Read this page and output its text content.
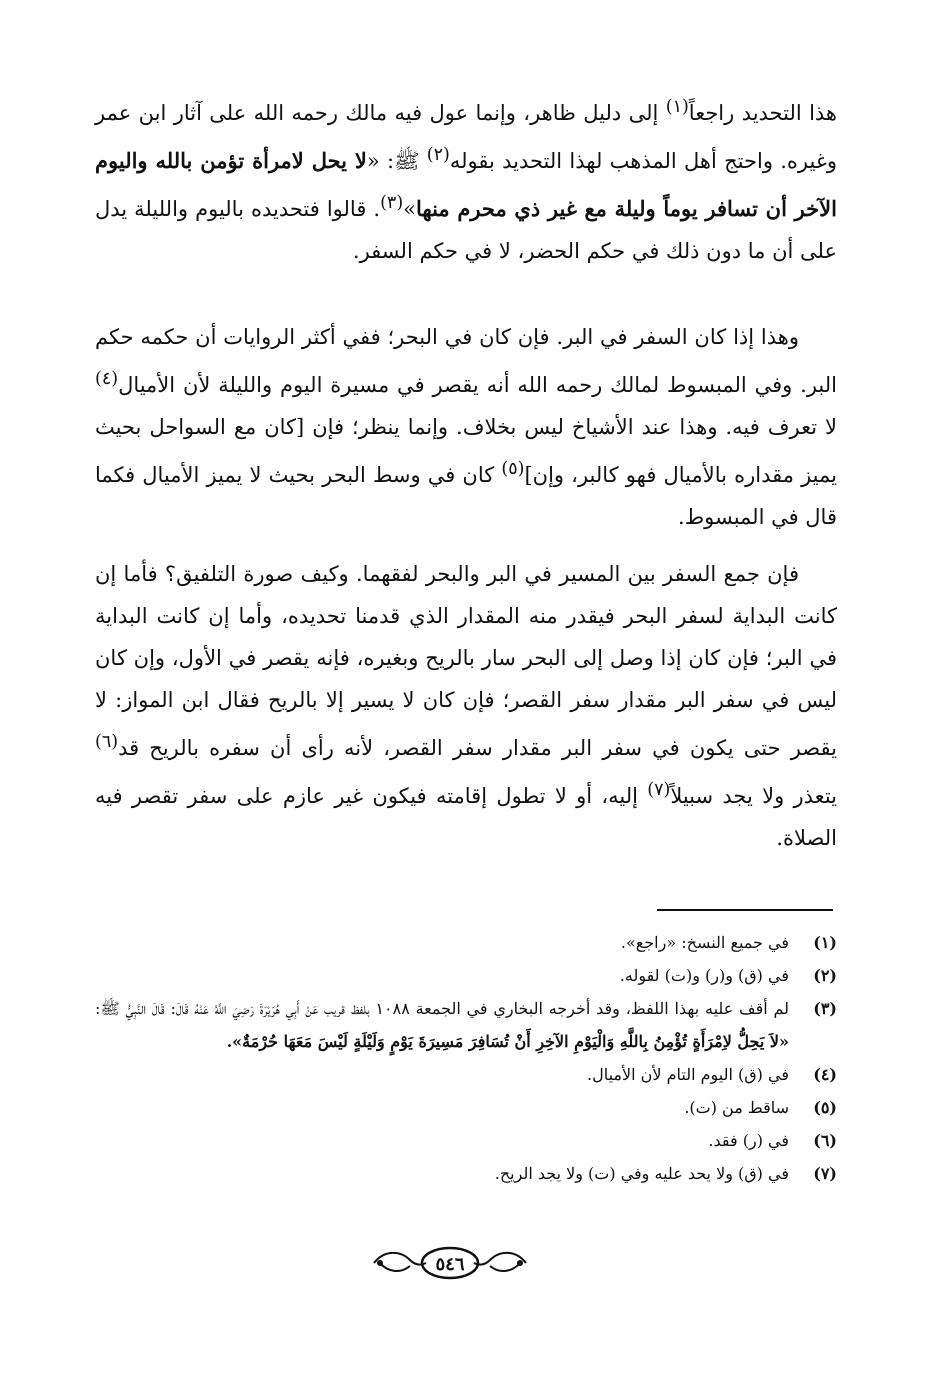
هذا التحديد راجعاً$^{(١)}$ إلى دليل ظاهر، وإنما عول فيه مالك رحمه الله على آثار ابن عمر وغيره. واحتج أهل المذهب لهذا التحديد بقوله$^{(٢)}$ ﷺ: «لا يحل لامرأة تؤمن بالله واليوم الآخر أن تسافر يوماً وليلة مع غير ذي محرم منها»$^{(٣)}$. قالوا فتحديده باليوم والليلة يدل على أن ما دون ذلك في حكم الحضر، لا في حكم السفر.

وهذا إذا كان السفر في البر. فإن كان في البحر؛ ففي أكثر الروايات أن حكمه حكم البر. وفي المبسوط لمالك رحمه الله أنه يقصر في مسيرة اليوم والليلة لأن الأميال$^{(٤)}$ لا تعرف فيه. وهذا عند الأشياخ ليس بخلاف. وإنما ينظر؛ فإن [كان مع السواحل بحيث يميز مقداره بالأميال فهو كالبر، وإن]$^{(٥)}$ كان في وسط البحر بحيث لا يميز الأميال فكما قال في المبسوط.

فإن جمع السفر بين المسير في البر والبحر لفقهما. وكيف صورة التلفيق؟ فأما إن كانت البداية لسفر البحر فيقدر منه المقدار الذي قدمنا تحديده، وأما إن كانت البداية في البر؛ فإن كان إذا وصل إلى البحر سار بالريح وبغيره، فإنه يقصر في الأول، وإن كان ليس في سفر البر مقدار سفر القصر؛ فإن كان لا يسير إلا بالريح فقال ابن المواز: لا يقصر حتى يكون في سفر البر مقدار سفر القصر، لأنه رأى أن سفره بالريح قد$^{(٦)}$ يتعذر ولا يجد سبيلاً$^{(٧)}$ إليه، أو لا تطول إقامته فيكون غير عازم على سفر تقصر فيه الصلاة.

(١)
في جميع النسخ: «راجع».
(٢)
في (ق) و(ر) و(ت) لقوله.
(٣)
لم أقف عليه بهذا اللفظ، وقد أخرجه البخاري في الجمعة ١٠٨٨ بلفظ قريب عَنْ أَبِي هُرَيْرَةَ رَضِيَ اللَّهُ عَنْهُ قَالَ: قَالَ النَّبِيُّ ﷺ: «لاَ يَحِلُّ لاِمْرَأَةٍ تُؤْمِنُ بِاللَّهِ وَالْيَوْمِ الآخِرِ أَنْ تُسَافِرَ مَسِيرَةَ يَوْمٍ وَلَيْلَةٍ لَيْسَ مَعَهَا حُرْمَةٌ».
(٤)
في (ق) اليوم التام لأن الأميال.
(٥)
ساقط من (ت).
(٦)
في (ر) فقد.
(٧)
في (ق) ولا يحد عليه وفي (ت) ولا يجد الريح.
٥٤٦
